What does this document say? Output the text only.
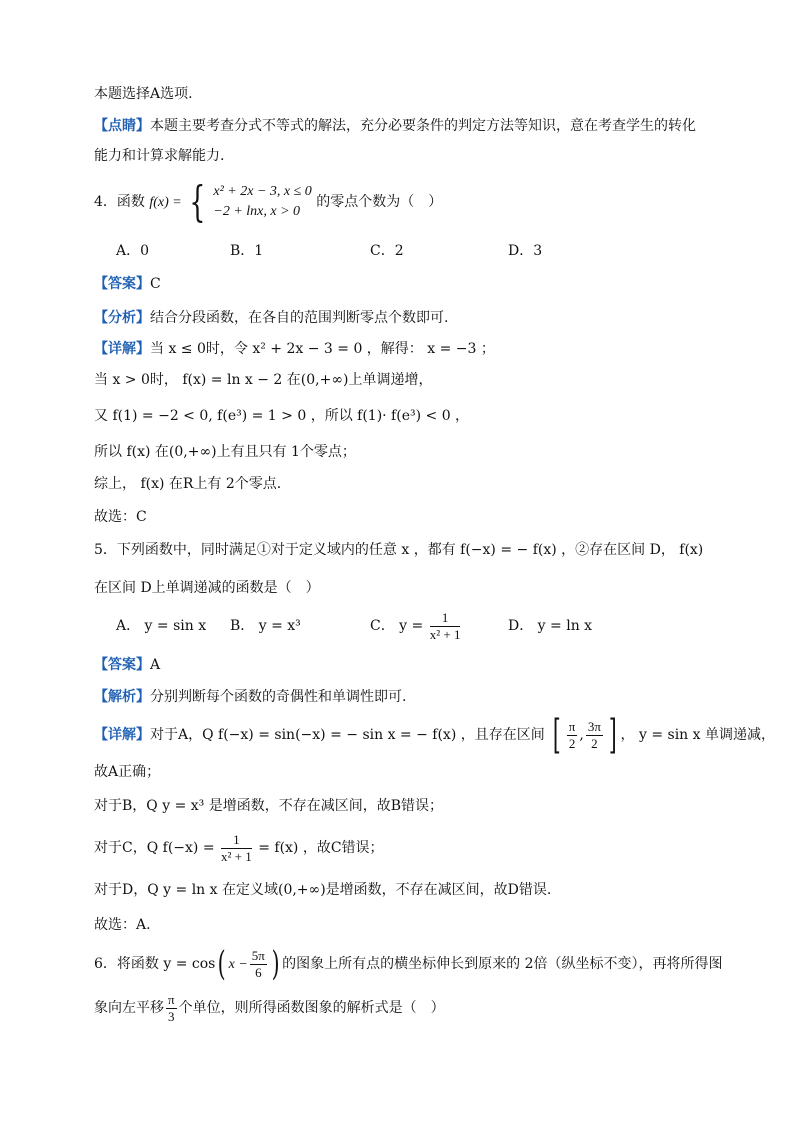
本题选择A选项.
【点睛】本题主要考查分式不等式的解法，充分必要条件的判定方法等知识，意在考查学生的转化
能力和计算求解能力.
4．函数 f(x) = { x² + 2x − 3, x ≤ 0
−2 + lnx, x > 0
的零点个数为（　）
A．0	B．1	C．2	D．3
【答案】C
【分析】结合分段函数，在各自的范围判断零点个数即可.
【详解】当 x ≤ 0时，令 x² + 2x − 3 = 0 ，解得： x = −3 ；
当 x > 0时， f(x) = ln x − 2 在(0,+∞)上单调递增，
又 f(1) = −2 < 0, f(e³) = 1 > 0 ，所以 f(1)· f(e³) < 0 ，
所以 f(x) 在(0,+∞)上有且只有 1个零点；
综上， f(x) 在R上有 2个零点.
故选：C
5．下列函数中，同时满足①对于定义域内的任意 x ，都有 f(−x) = − f(x) ，②存在区间 D， f(x)
在区间 D上单调递减的函数是（　）
A． y = sin x B． y = x³	C． $y = \frac{1}{\text{x² + 1}}$	D． y = ln x
【答案】A
【解析】分别判断每个函数的奇偶性和单调性即可.
【详解】对于A，Q f(−x) = sin(−x) = − sin x = − f(x) ，且存在区间 [ $\frac{\pi}{2}$ , $\frac{3\pi}{2}$ ] ， y = sin x 单调递减，
故A正确；
对于B，Q y = x³ 是增函数，不存在减区间，故B错误；
对于C，Q $f(-x) = \frac{1}{\text{x² + 1}} = f(x)$ ，故C错误；
对于D，Q y = ln x 在定义域(0,+∞)是增函数，不存在减区间，故D错误.
故选：A.
6．将函数 y = cos( $x - \frac{5\pi}{6}$ ) 的图象上所有点的横坐标伸长到原来的 2倍（纵坐标不变），再将所得图
象向左平移 $\frac{\pi}{3}$ 个单位，则所得函数图象的解析式是（　）
